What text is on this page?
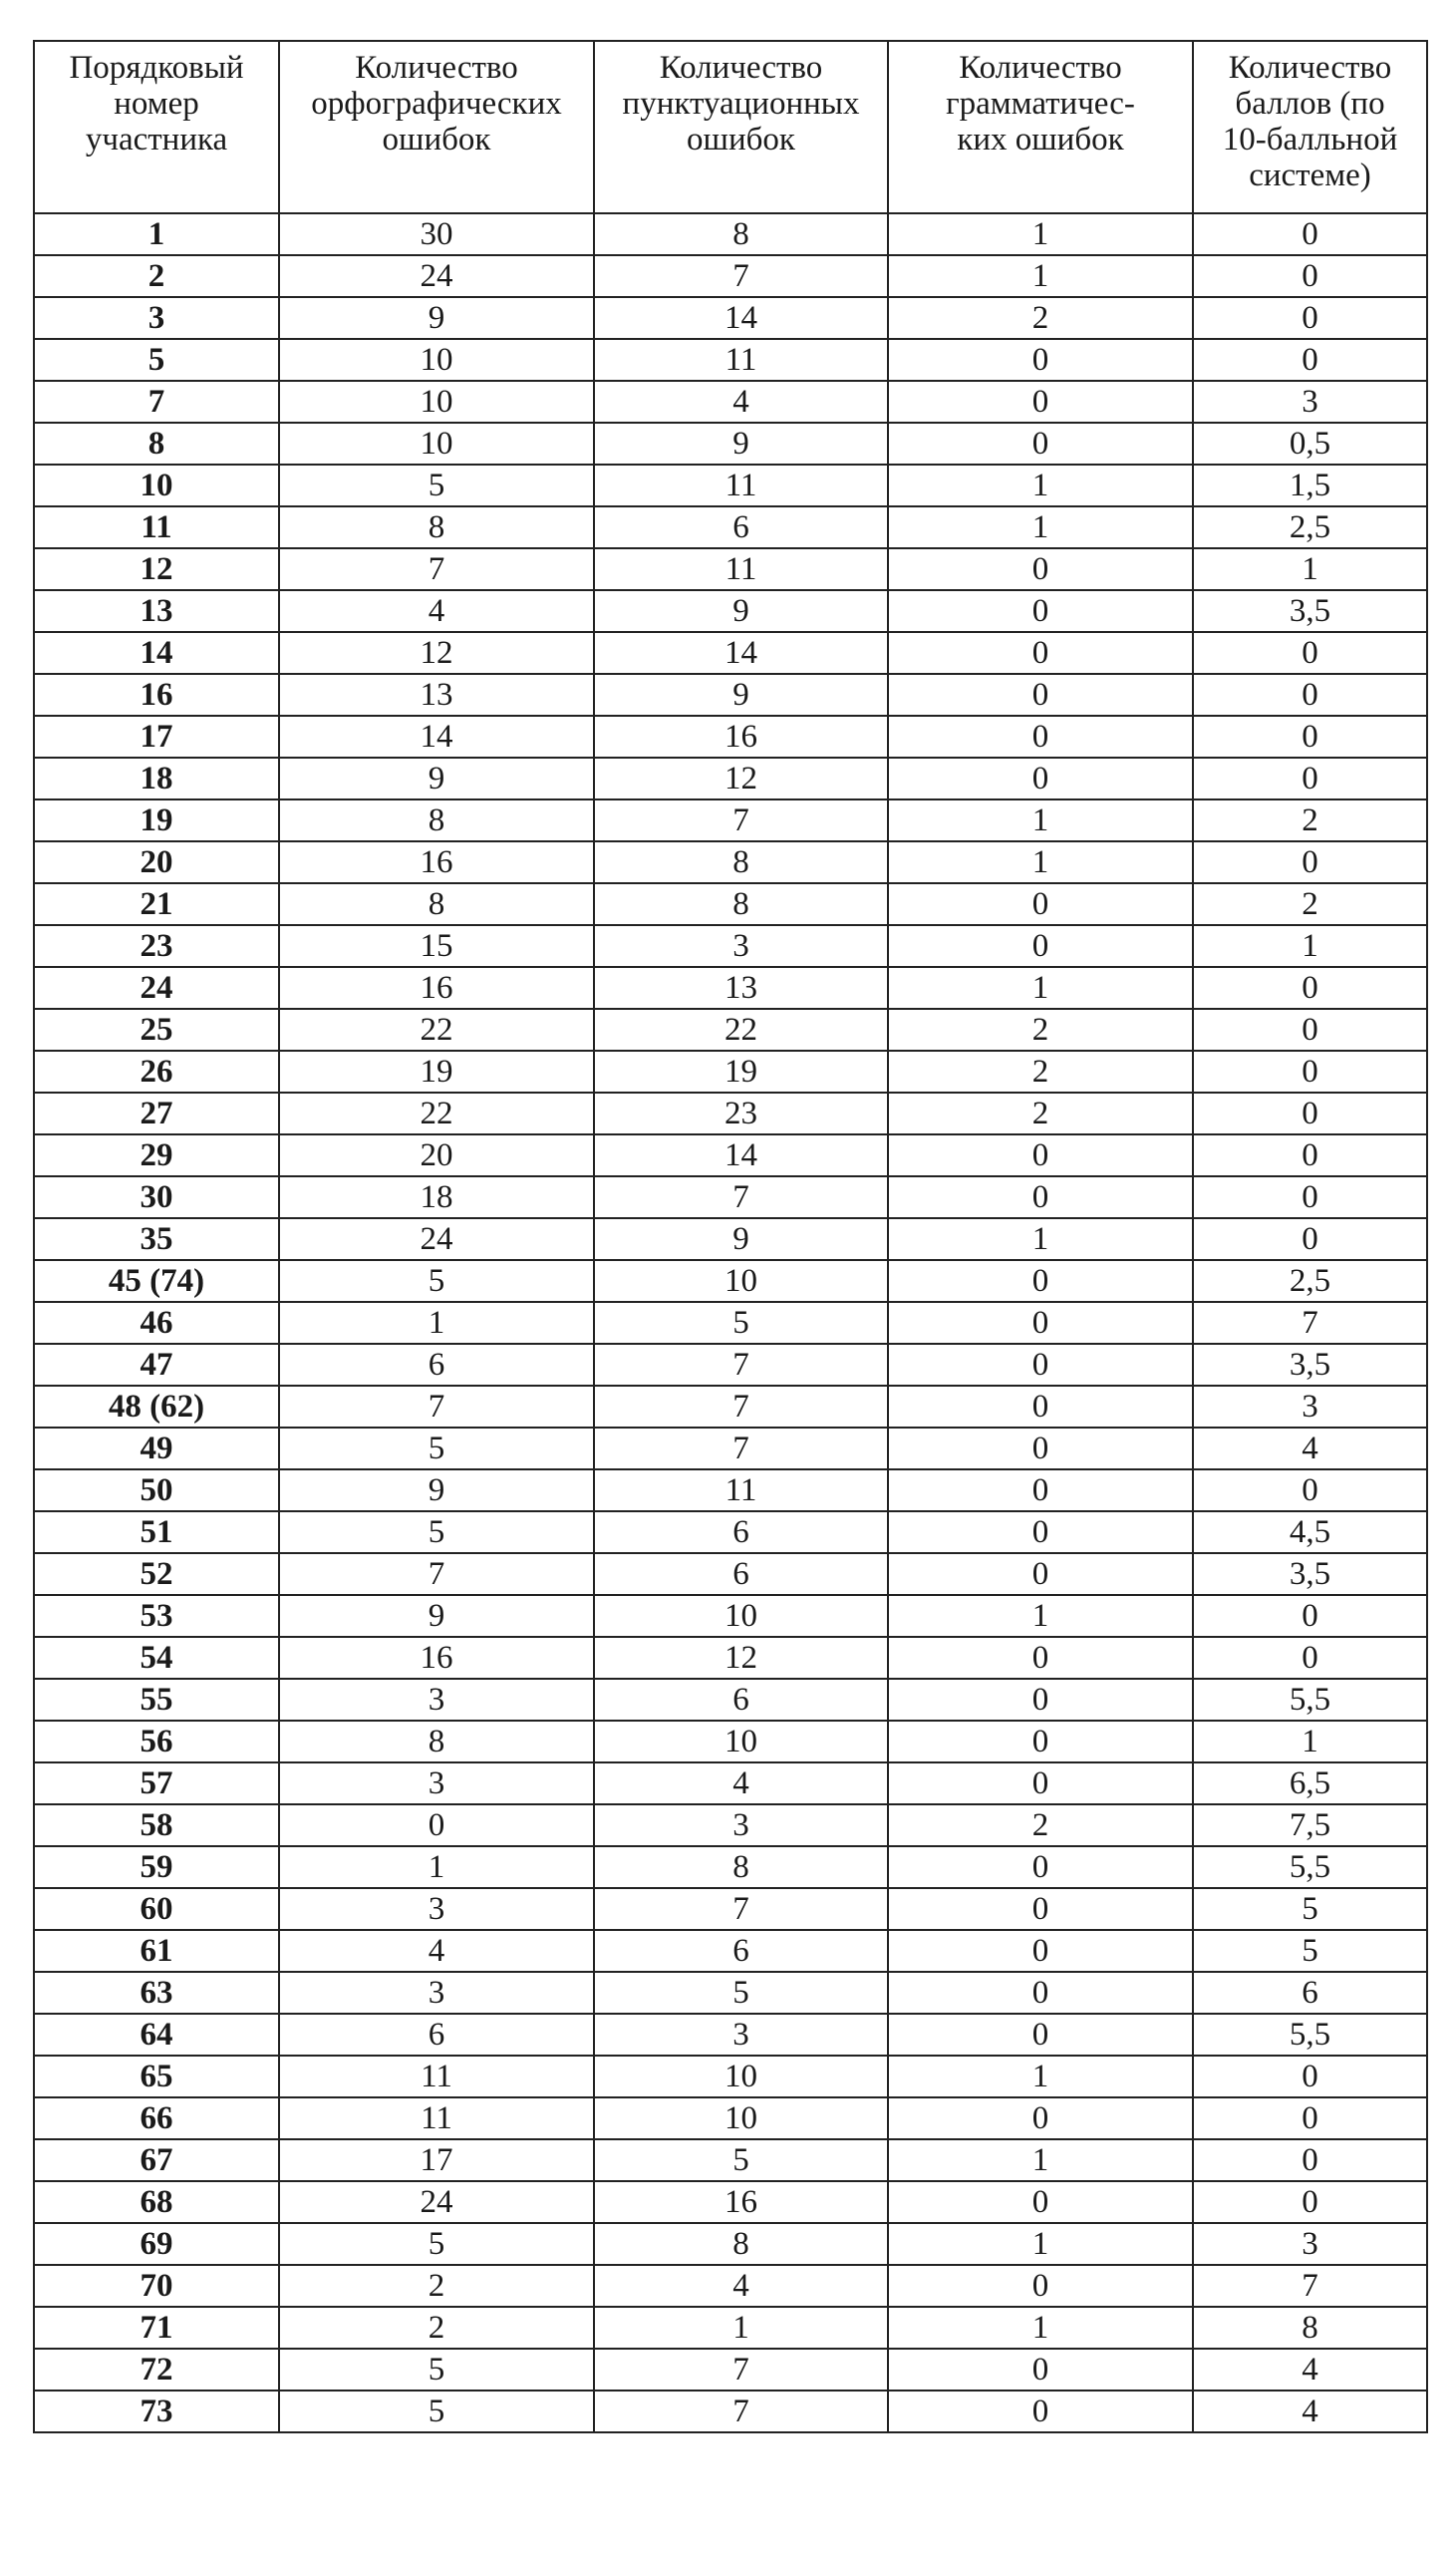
Порядковый
номер
участника	Количество
орфографических
ошибок	Количество
пунктуационных
ошибок	Количество
грамматичес-
ких ошибок	Количество
баллов (по
10-балльной
системе)
1	30	8	1	0
2	24	7	1	0
3	9	14	2	0
5	10	11	0	0
7	10	4	0	3
8	10	9	0	0,5
10	5	11	1	1,5
11	8	6	1	2,5
12	7	11	0	1
13	4	9	0	3,5
14	12	14	0	0
16	13	9	0	0
17	14	16	0	0
18	9	12	0	0
19	8	7	1	2
20	16	8	1	0
21	8	8	0	2
23	15	3	0	1
24	16	13	1	0
25	22	22	2	0
26	19	19	2	0
27	22	23	2	0
29	20	14	0	0
30	18	7	0	0
35	24	9	1	0
45 (74)	5	10	0	2,5
46	1	5	0	7
47	6	7	0	3,5
48 (62)	7	7	0	3
49	5	7	0	4
50	9	11	0	0
51	5	6	0	4,5
52	7	6	0	3,5
53	9	10	1	0
54	16	12	0	0
55	3	6	0	5,5
56	8	10	0	1
57	3	4	0	6,5
58	0	3	2	7,5
59	1	8	0	5,5
60	3	7	0	5
61	4	6	0	5
63	3	5	0	6
64	6	3	0	5,5
65	11	10	1	0
66	11	10	0	0
67	17	5	1	0
68	24	16	0	0
69	5	8	1	3
70	2	4	0	7
71	2	1	1	8
72	5	7	0	4
73	5	7	0	4
